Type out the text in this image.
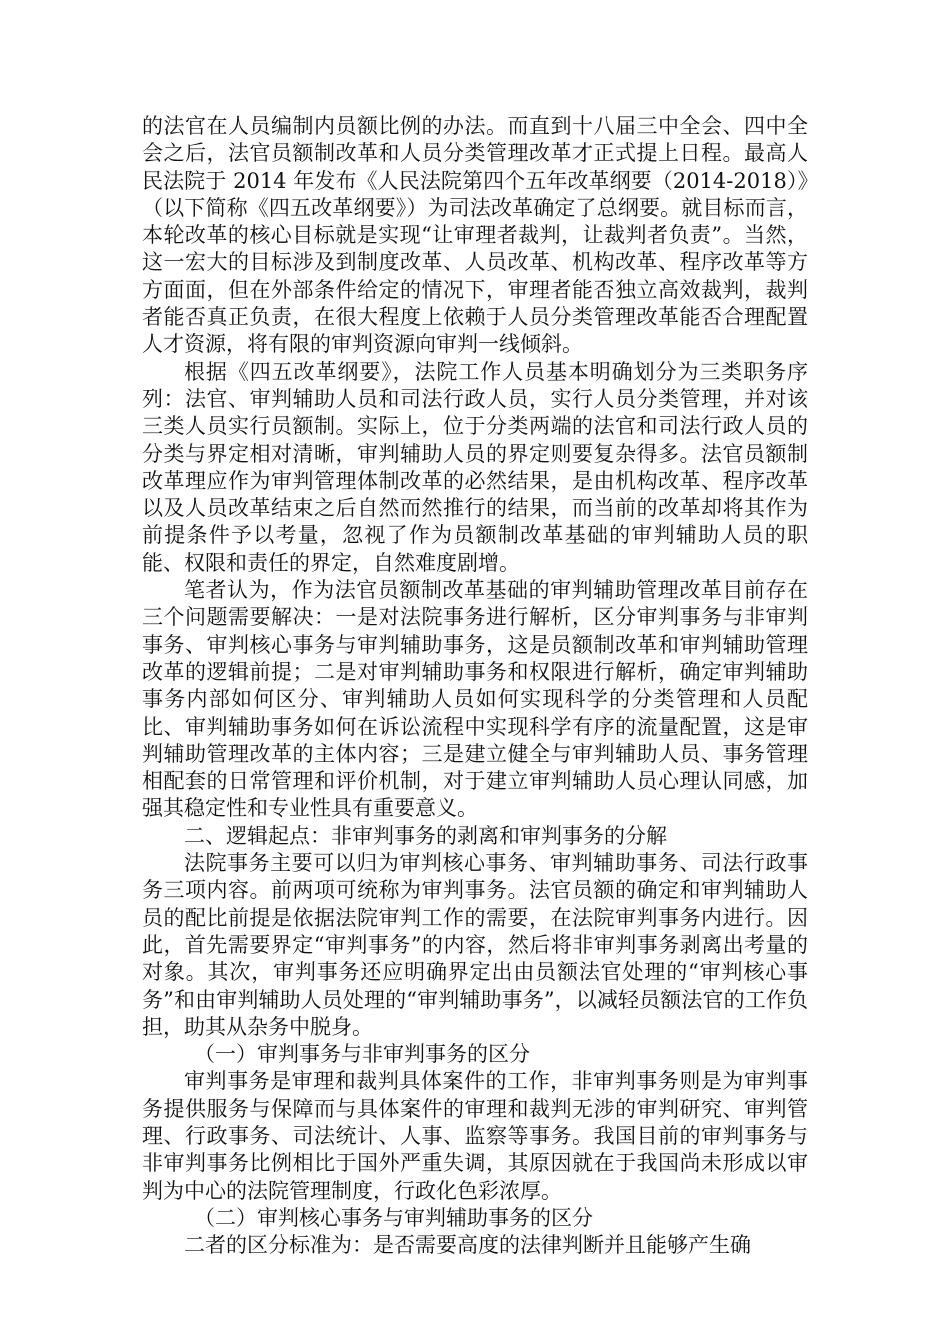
的法官在人员编制内员额比例的办法。而直到十八届三中全会、四中全会之后，法官员额制改革和人员分类管理改革才正式提上日程。最高人民法院于 2014 年发布《人民法院第四个五年改革纲要（2014-2018）》（以下简称《四五改革纲要》）为司法改革确定了总纲要。就目标而言，本轮改革的核心目标就是实现“让审理者裁判，让裁判者负责”。当然，这一宏大的目标涉及到制度改革、人员改革、机构改革、程序改革等方方面面，但在外部条件给定的情况下，审理者能否独立高效裁判，裁判者能否真正负责，在很大程度上依赖于人员分类管理改革能否合理配置人才资源，将有限的审判资源向审判一线倾斜。

根据《四五改革纲要》，法院工作人员基本明确划分为三类职务序列：法官、审判辅助人员和司法行政人员，实行人员分类管理，并对该三类人员实行员额制。实际上，位于分类两端的法官和司法行政人员的分类与界定相对清晰，审判辅助人员的界定则要复杂得多。法官员额制改革理应作为审判管理体制改革的必然结果，是由机构改革、程序改革以及人员改革结束之后自然而然推行的结果，而当前的改革却将其作为前提条件予以考量，忽视了作为员额制改革基础的审判辅助人员的职能、权限和责任的界定，自然难度剧增。

笔者认为，作为法官员额制改革基础的审判辅助管理改革目前存在三个问题需要解决：一是对法院事务进行解析，区分审判事务与非审判事务、审判核心事务与审判辅助事务，这是员额制改革和审判辅助管理改革的逻辑前提；二是对审判辅助事务和权限进行解析，确定审判辅助事务内部如何区分、审判辅助人员如何实现科学的分类管理和人员配比、审判辅助事务如何在诉讼流程中实现科学有序的流量配置，这是审判辅助管理改革的主体内容；三是建立健全与审判辅助人员、事务管理相配套的日常管理和评价机制，对于建立审判辅助人员心理认同感，加强其稳定性和专业性具有重要意义。

二、逻辑起点：非审判事务的剥离和审判事务的分解

法院事务主要可以归为审判核心事务、审判辅助事务、司法行政事务三项内容。前两项可统称为审判事务。法官员额的确定和审判辅助人员的配比前提是依据法院审判工作的需要，在法院审判事务内进行。因此，首先需要界定“审判事务”的内容，然后将非审判事务剥离出考量的对象。其次，审判事务还应明确界定出由员额法官处理的“审判核心事务”和由审判辅助人员处理的“审判辅助事务”，以减轻员额法官的工作负担，助其从杂务中脱身。

（一）审判事务与非审判事务的区分

审判事务是审理和裁判具体案件的工作，非审判事务则是为审判事务提供服务与保障而与具体案件的审理和裁判无涉的审判研究、审判管理、行政事务、司法统计、人事、监察等事务。我国目前的审判事务与非审判事务比例相比于国外严重失调，其原因就在于我国尚未形成以审判为中心的法院管理制度，行政化色彩浓厚。

（二）审判核心事务与审判辅助事务的区分

二者的区分标准为：是否需要高度的法律判断并且能够产生确
